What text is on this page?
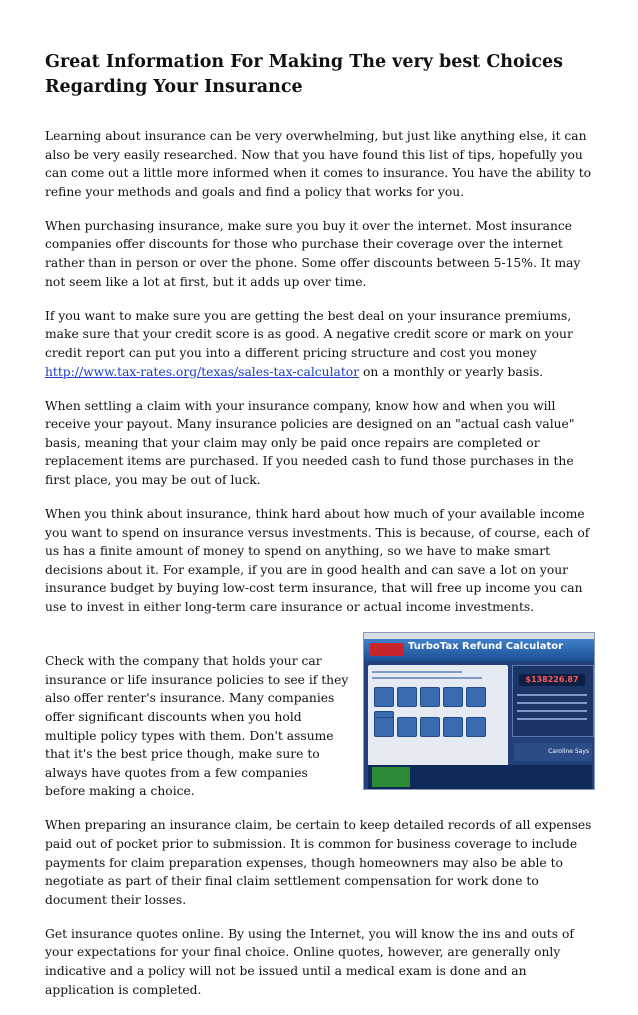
Great Information For Making The very best Choices Regarding Your Insurance

Learning about insurance can be very overwhelming, but just like anything else, it can also be very easily researched. Now that you have found this list of tips, hopefully you can come out a little more informed when it comes to insurance. You have the ability to refine your methods and goals and find a policy that works for you.

When purchasing insurance, make sure you buy it over the internet. Most insurance companies offer discounts for those who purchase their coverage over the internet rather than in person or over the phone. Some offer discounts between 5-15%. It may not seem like a lot at first, but it adds up over time.

If you want to make sure you are getting the best deal on your insurance premiums, make sure that your credit score is as good. A negative credit score or mark on your credit report can put you into a different pricing structure and cost you money http://www.tax-rates.org/texas/sales-tax-calculator on a monthly or yearly basis.

When settling a claim with your insurance company, know how and when you will receive your payout. Many insurance policies are designed on an "actual cash value" basis, meaning that your claim may only be paid once repairs are completed or replacement items are purchased. If you needed cash to fund those purchases in the first place, you may be out of luck.

When you think about insurance, think hard about how much of your available income you want to spend on insurance versus investments. This is because, of course, each of us has a finite amount of money to spend on anything, so we have to make smart decisions about it. For example, if you are in good health and can save a lot on your insurance budget by buying low-cost term insurance, that will free up income you can use to invest in either long-term care insurance or actual income investments.

TurboTax Refund Calculator
$138226.87
Caroline Says

Check with the company that holds your car insurance or life insurance policies to see if they also offer renter's insurance. Many companies offer significant discounts when you hold multiple policy types with them. Don't assume that it's the best price though, make sure to always have quotes from a few companies before making a choice.

When preparing an insurance claim, be certain to keep detailed records of all expenses paid out of pocket prior to submission. It is common for business coverage to include payments for claim preparation expenses, though homeowners may also be able to negotiate as part of their final claim settlement compensation for work done to document their losses.

Get insurance quotes online. By using the Internet, you will know the ins and outs of your expectations for your final choice. Online quotes, however, are generally only indicative and a policy will not be issued until a medical exam is done and an application is completed.
